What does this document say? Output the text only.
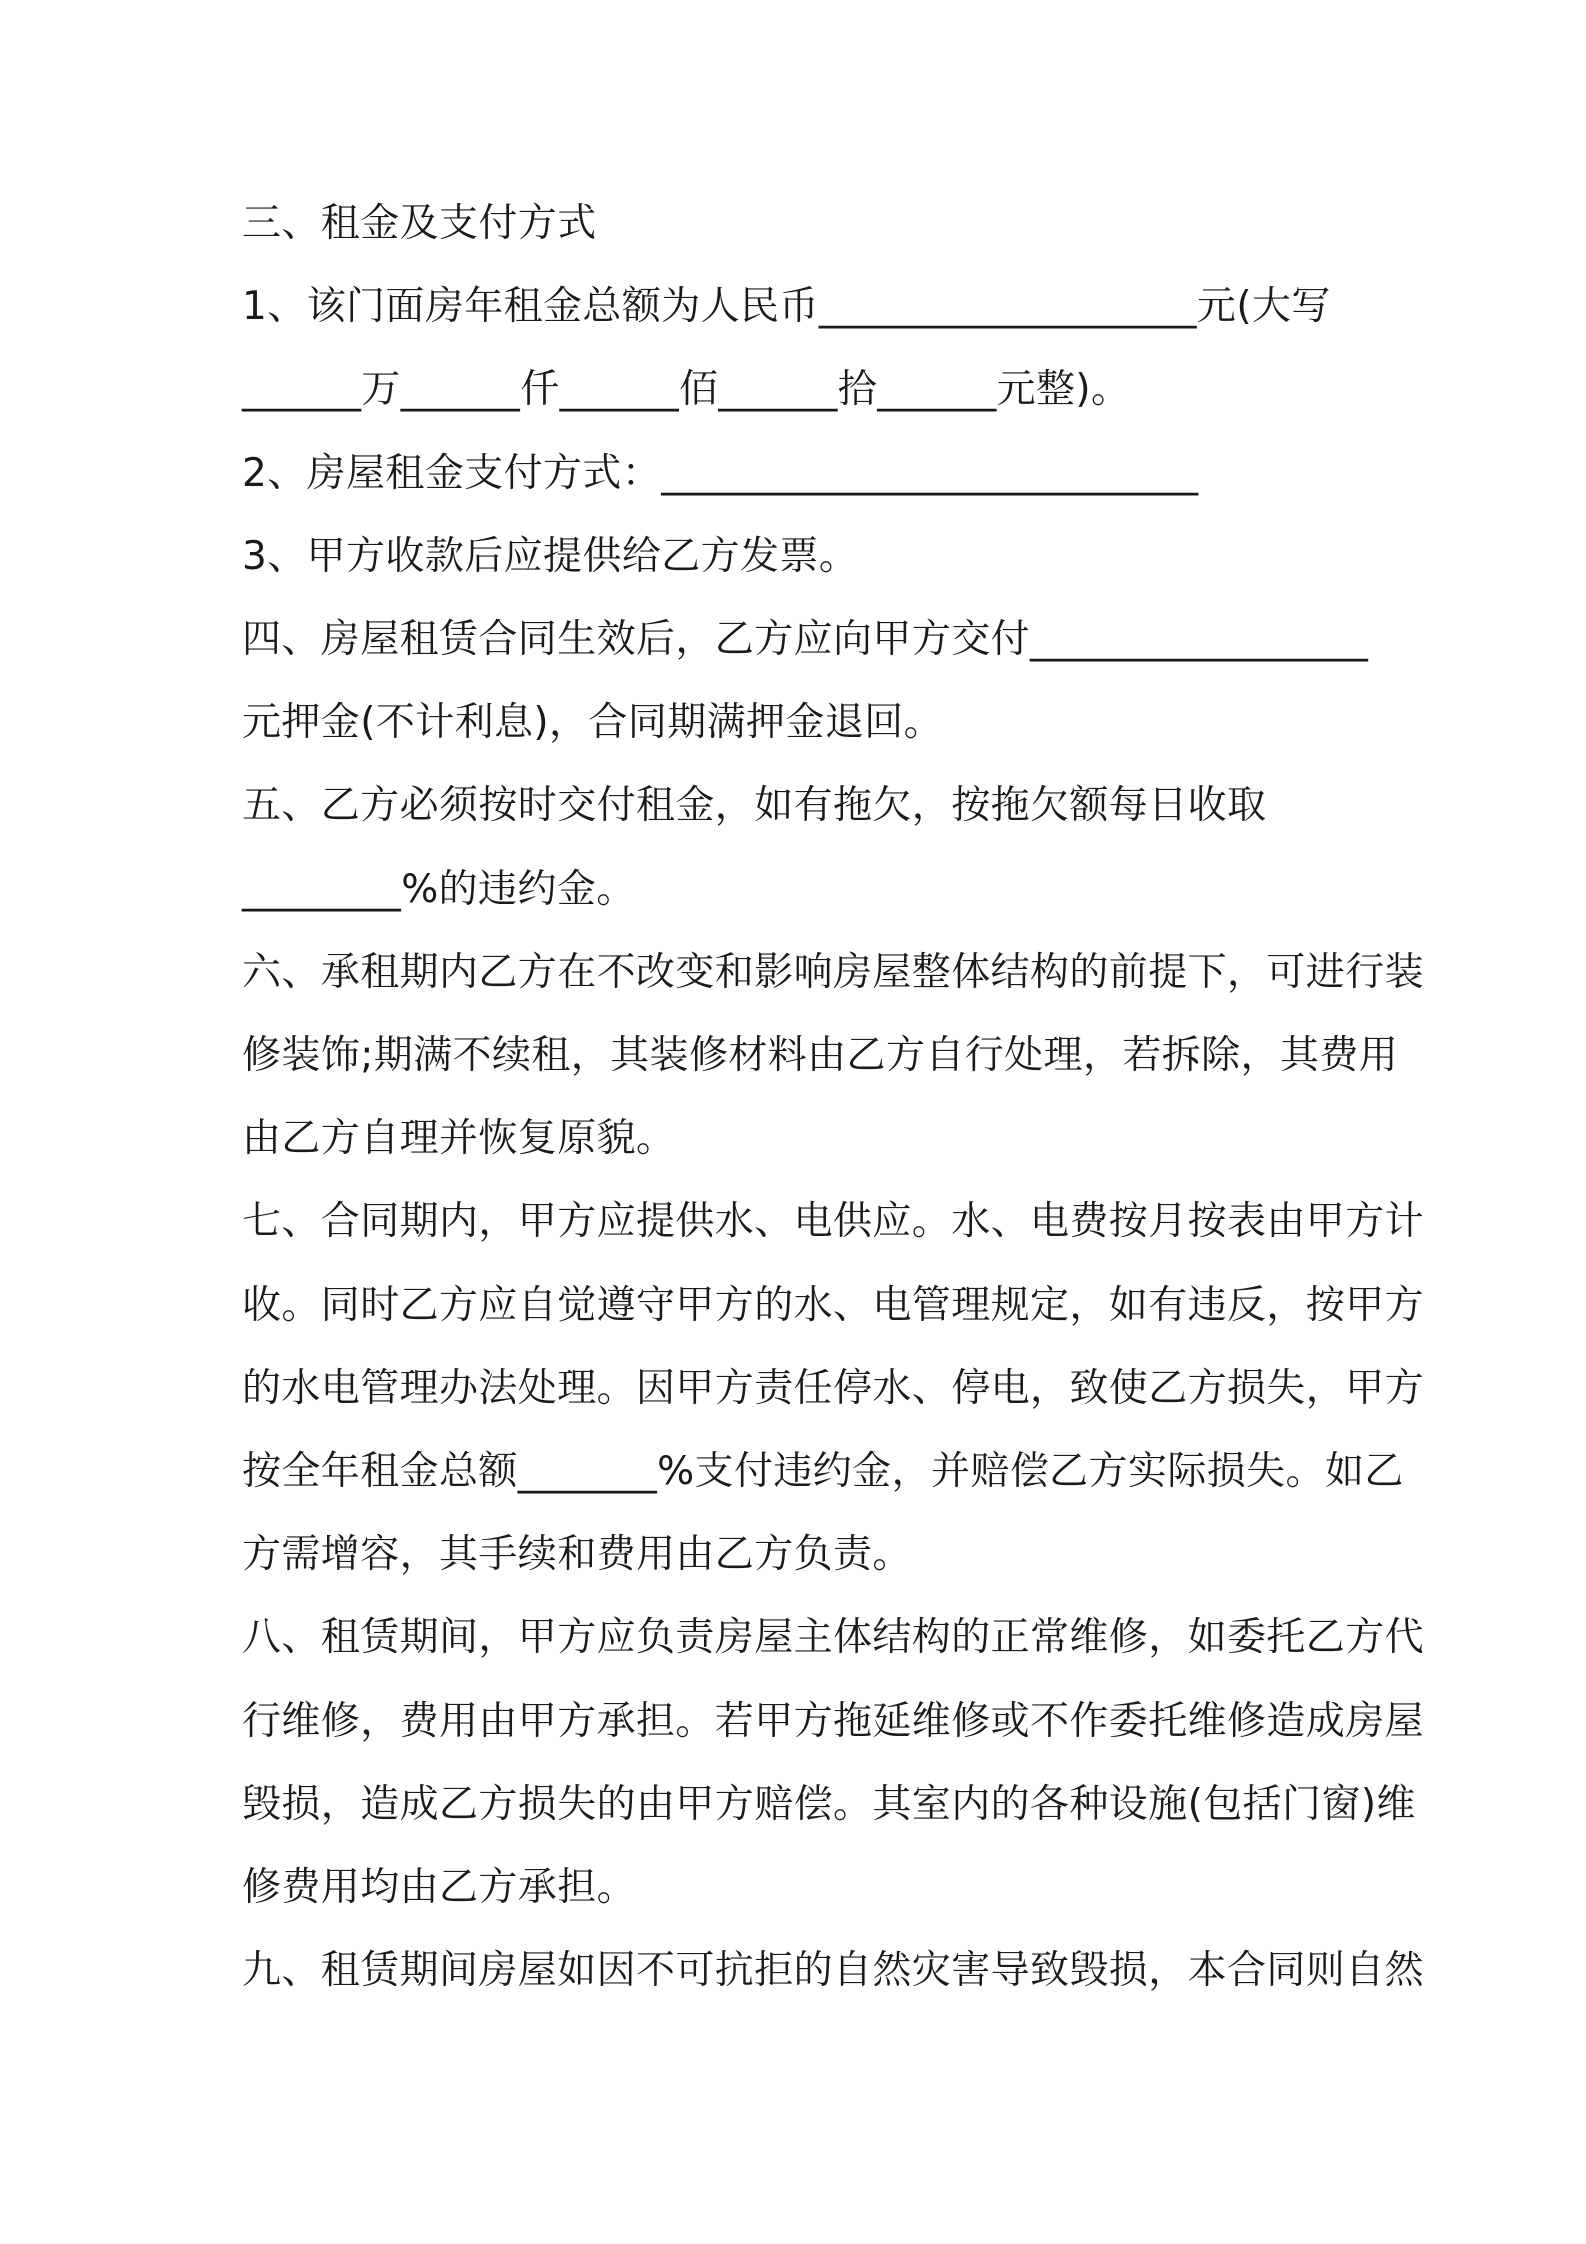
三、租金及支付方式
1、该门面房年租金总额为人民币___________________元(大写
______万______仟______佰______拾______元整)。
2、房屋租金支付方式：___________________________
3、甲方收款后应提供给乙方发票。
四、房屋租赁合同生效后，乙方应向甲方交付_________________
元押金(不计利息)，合同期满押金退回。
五、乙方必须按时交付租金，如有拖欠，按拖欠额每日收取
________%的违约金。
六、承租期内乙方在不改变和影响房屋整体结构的前提下，可进行装
修装饰;期满不续租，其装修材料由乙方自行处理，若拆除，其费用
由乙方自理并恢复原貌。
七、合同期内，甲方应提供水、电供应。水、电费按月按表由甲方计
收。同时乙方应自觉遵守甲方的水、电管理规定，如有违反，按甲方
的水电管理办法处理。因甲方责任停水、停电，致使乙方损失，甲方
按全年租金总额_______%支付违约金，并赔偿乙方实际损失。如乙
方需增容，其手续和费用由乙方负责。
八、租赁期间，甲方应负责房屋主体结构的正常维修，如委托乙方代
行维修，费用由甲方承担。若甲方拖延维修或不作委托维修造成房屋
毁损，造成乙方损失的由甲方赔偿。其室内的各种设施(包括门窗)维
修费用均由乙方承担。
九、租赁期间房屋如因不可抗拒的自然灾害导致毁损，本合同则自然
